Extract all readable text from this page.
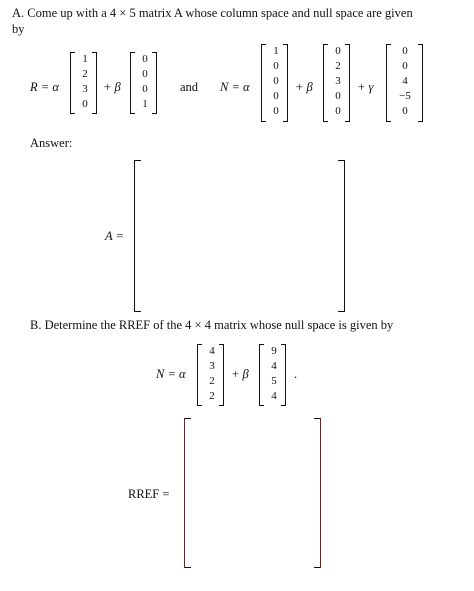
A. Come up with a 4 × 5 matrix A whose column space and null space are given
by
R = α
1
2
3
0
+ β
0
0
0
1
and N = α
1
0
0
0
0
+ β
0
2
3
0
0
+ γ
0
0
4
−5
0
Answer:
A =
B. Determine the RREF of the 4 × 4 matrix whose null space is given by
N = α
4
3
2
2
+ β
9
4
5
4
.
RREF =
